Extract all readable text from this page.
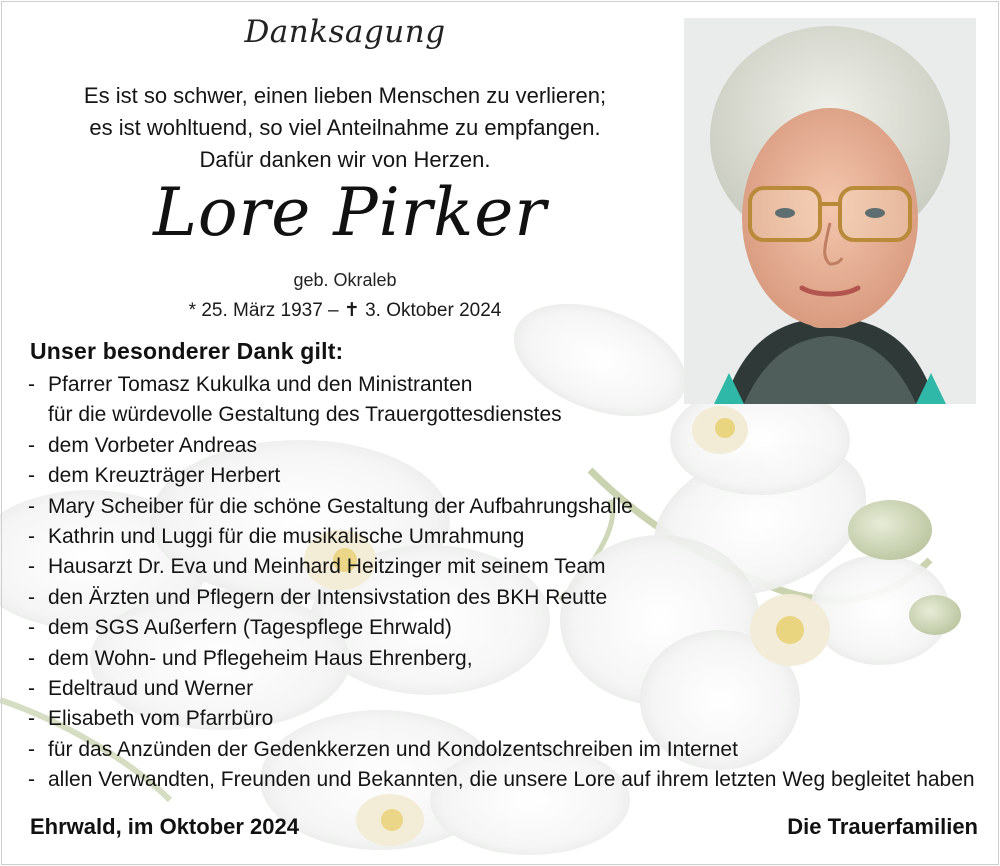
Danksagung
Es ist so schwer, einen lieben Menschen zu verlieren;
es ist wohltuend, so viel Anteilnahme zu empfangen.
Dafür danken wir von Herzen.
Lore Pirker
geb. Okraleb
* 25. März 1937 – ✝ 3. Oktober 2024
Unser besonderer Dank gilt:
- Pfarrer Tomasz Kukulka und den Ministranten
für die würdevolle Gestaltung des Trauergottesdienstes
- dem Vorbeter Andreas
- dem Kreuzträger Herbert
- Mary Scheiber für die schöne Gestaltung der Aufbahrungshalle
- Kathrin und Luggi für die musikalische Umrahmung
- Hausarzt Dr. Eva und Meinhard Heitzinger mit seinem Team
- den Ärzten und Pflegern der Intensivstation des BKH Reutte
- dem SGS Außerfern (Tagespflege Ehrwald)
- dem Wohn- und Pflegeheim Haus Ehrenberg,
- Edeltraud und Werner
- Elisabeth vom Pfarrbüro
- für das Anzünden der Gedenkkerzen und Kondolzentschreiben im Internet
- allen Verwandten, Freunden und Bekannten, die unsere Lore auf ihrem letzten Weg begleitet haben
Ehrwald, im Oktober 2024	Die Trauerfamilien
